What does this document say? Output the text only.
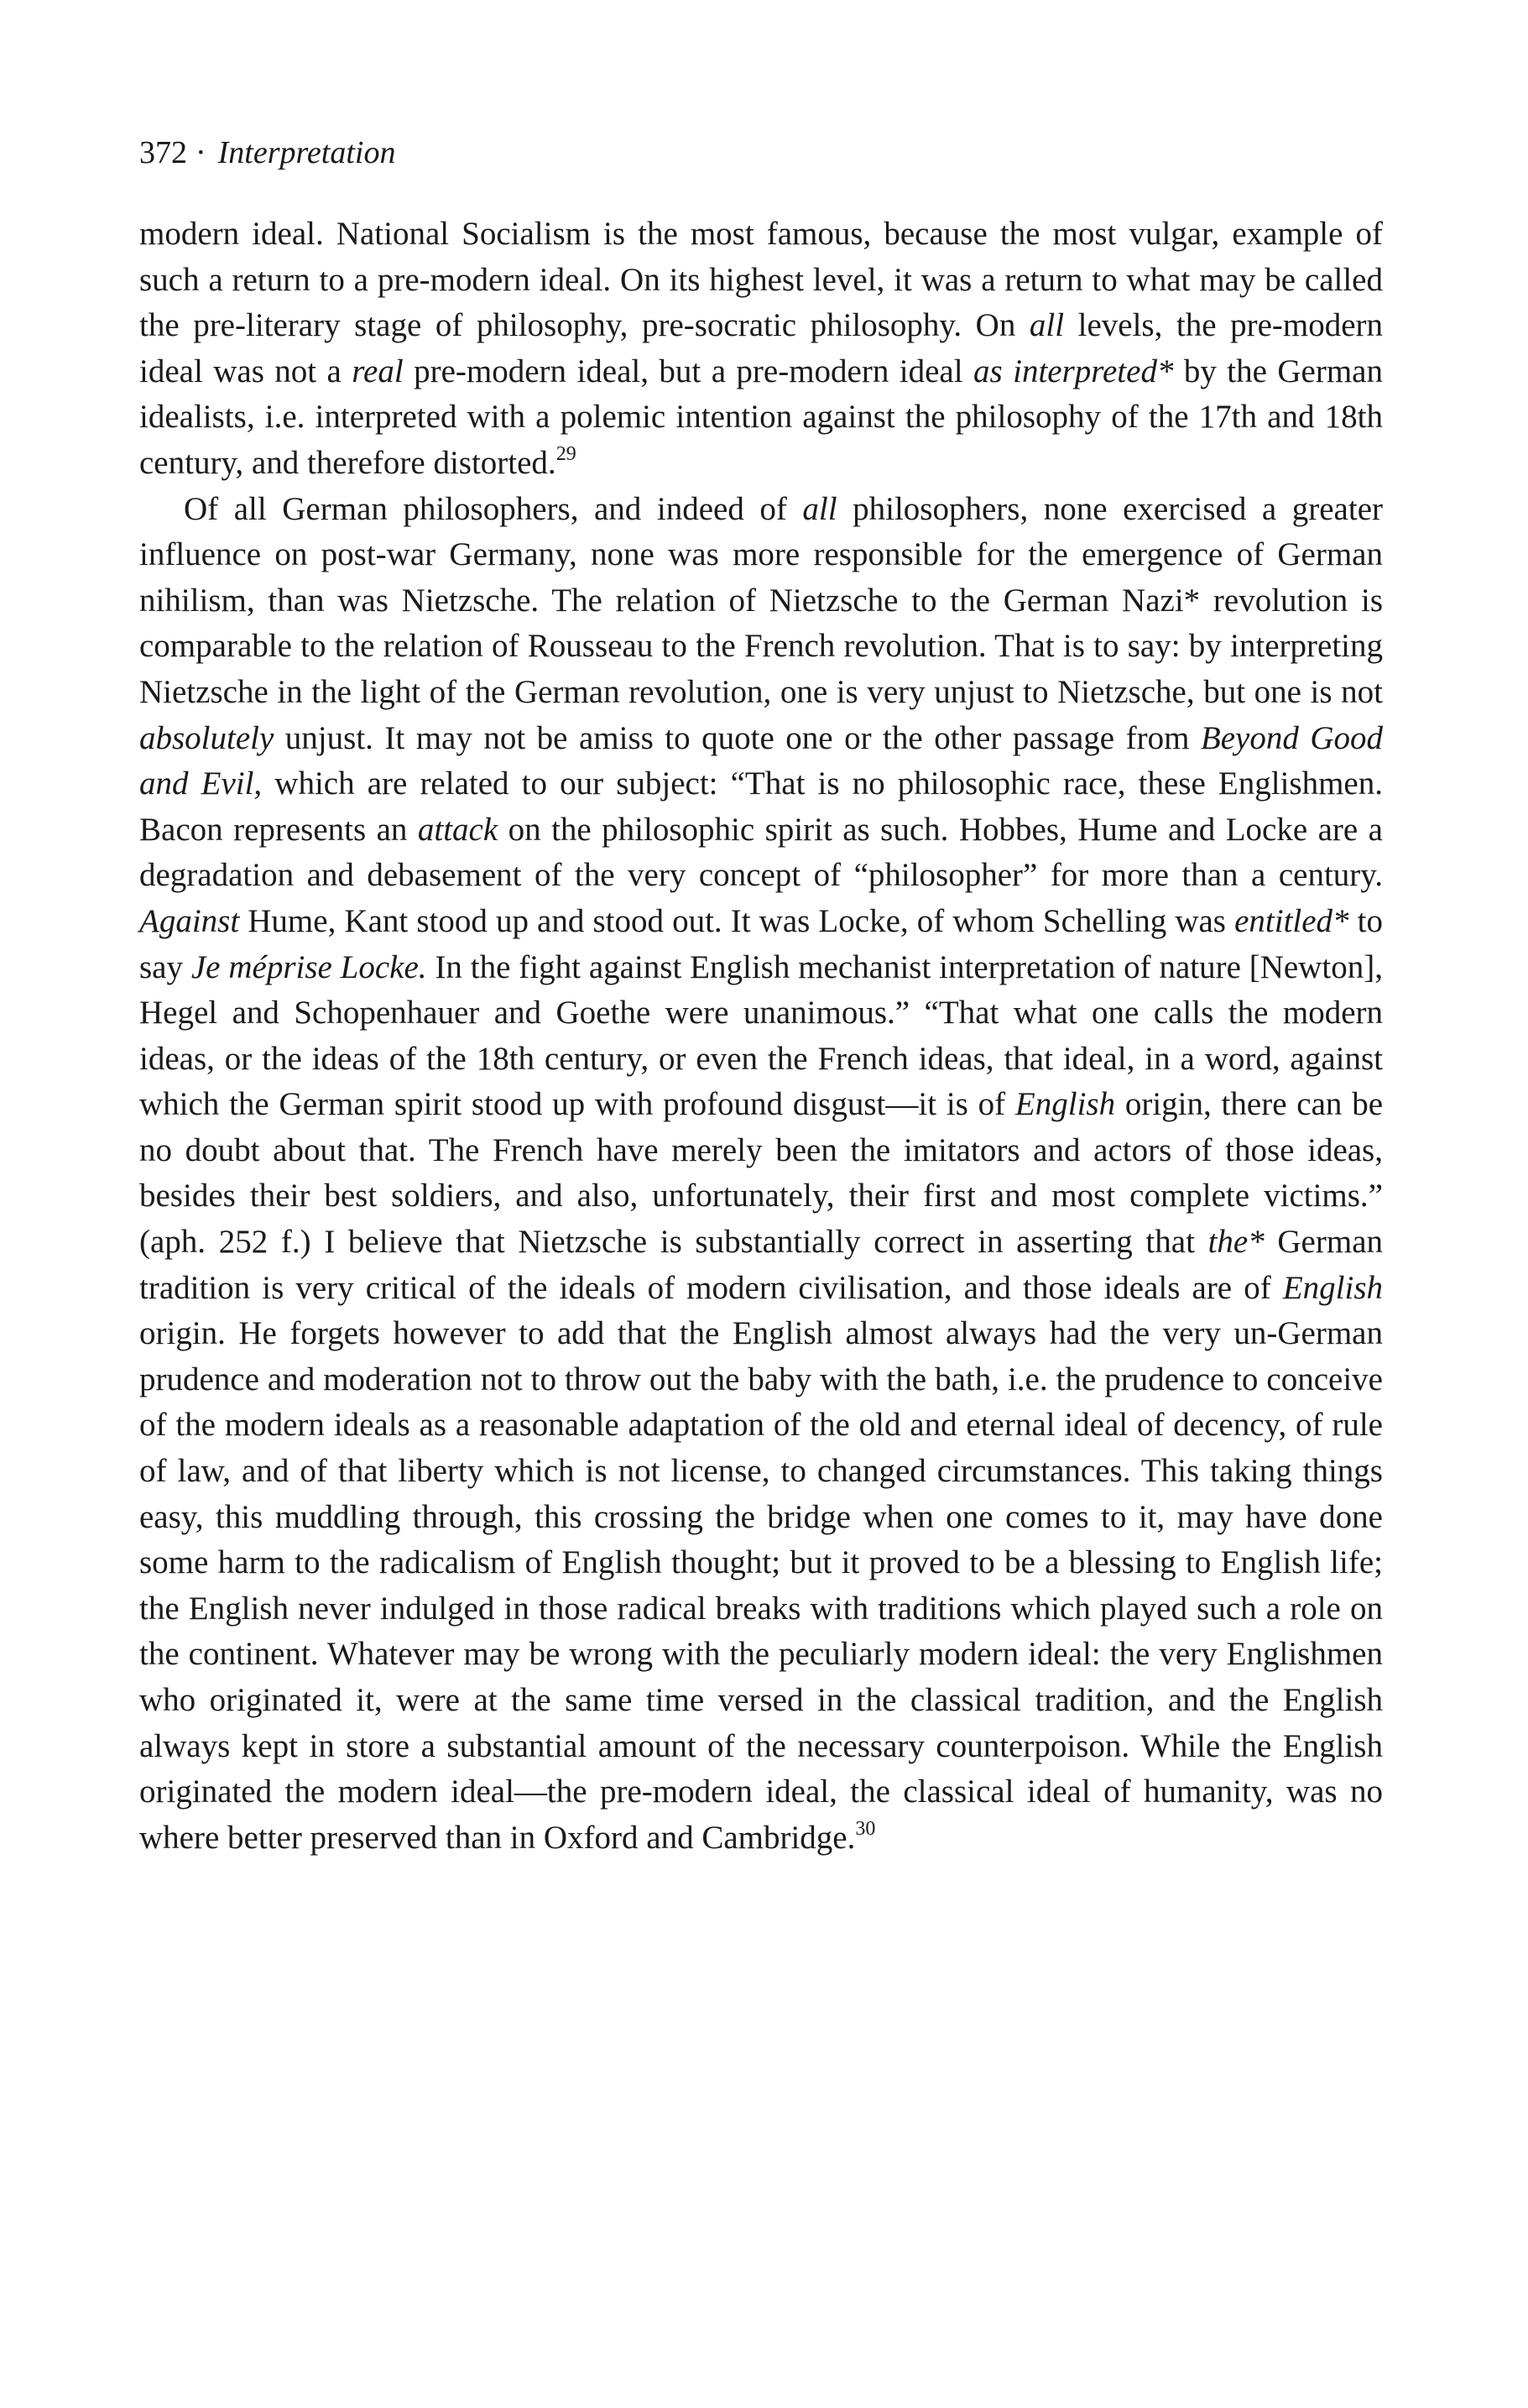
372 · Interpretation

modern ideal. National Socialism is the most famous, because the most vulgar, example of such a return to a pre-modern ideal. On its highest level, it was a return to what may be called the pre-literary stage of philosophy, pre-socratic philosophy. On all levels, the pre-modern ideal was not a real pre-modern ideal, but a pre-modern ideal as interpreted* by the German idealists, i.e. interpreted with a polemic intention against the philosophy of the 17th and 18th century, and therefore distorted.$^{29}$

Of all German philosophers, and indeed of all philosophers, none exercised a greater influence on post-war Germany, none was more responsible for the emergence of German nihilism, than was Nietzsche. The relation of Nietzsche to the German Nazi* revolution is comparable to the relation of Rousseau to the French revolution. That is to say: by interpreting Nietzsche in the light of the German revolution, one is very unjust to Nietzsche, but one is not absolutely unjust. It may not be amiss to quote one or the other passage from Beyond Good and Evil, which are related to our subject: “That is no philosophic race, these Englishmen. Bacon represents an attack on the philosophic spirit as such. Hobbes, Hume and Locke are a degradation and debasement of the very concept of “philosopher” for more than a century. Against Hume, Kant stood up and stood out. It was Locke, of whom Schelling was entitled* to say Je méprise Locke. In the fight against English mechanist interpretation of nature [Newton], Hegel and Schopenhauer and Goethe were unanimous.” “That what one calls the modern ideas, or the ideas of the 18th century, or even the French ideas, that ideal, in a word, against which the German spirit stood up with profound disgust—it is of English origin, there can be no doubt about that. The French have merely been the imitators and actors of those ideas, besides their best soldiers, and also, unfortunately, their first and most complete victims.” (aph. 252 f.) I believe that Nietzsche is substantially correct in asserting that the* German tradition is very critical of the ideals of modern civilisation, and those ideals are of English origin. He forgets however to add that the English almost always had the very un-German prudence and moderation not to throw out the baby with the bath, i.e. the prudence to conceive of the modern ideals as a reasonable adaptation of the old and eternal ideal of decency, of rule of law, and of that liberty which is not license, to changed circumstances. This taking things easy, this muddling through, this crossing the bridge when one comes to it, may have done some harm to the radicalism of English thought; but it proved to be a blessing to English life; the English never indulged in those radical breaks with traditions which played such a role on the continent. Whatever may be wrong with the peculiarly modern ideal: the very Englishmen who originated it, were at the same time versed in the classical tradition, and the English always kept in store a substantial amount of the necessary counterpoison. While the English originated the modern ideal—the pre-modern ideal, the classical ideal of humanity, was no where better preserved than in Oxford and Cambridge.$^{30}$
